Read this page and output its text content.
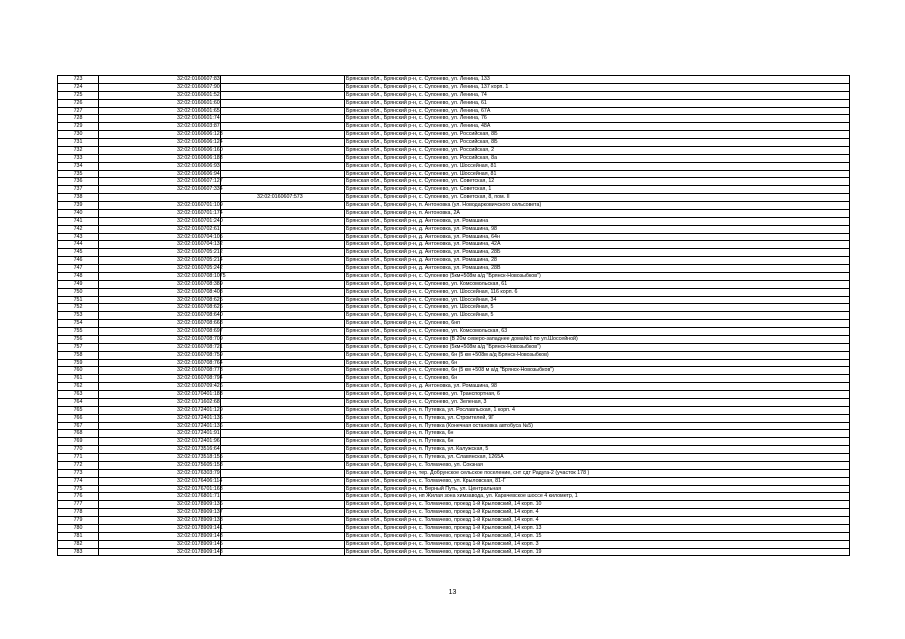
723	32:02:0160607:83		Брянская обл., Брянский р-н, с. Супонево, ул. Ленина, 133
724	32:02:0160607:90		Брянская обл., Брянский р-н, с. Супонево, ул. Ленина, 137 корп. 1
725	32:02:0160601:52		Брянская обл., Брянский р-н, с. Супонево, ул. Ленина, 74
726	32:02:0160601:60		Брянская обл., Брянский р-н, с. Супонево, ул. Ленина, 61
727	32:02:0160601:65		Брянская обл., Брянский р-н, с. Супонево, ул. Ленина, 67А
728	32:02:0160601:74		Брянская обл., Брянский р-н, с. Супонево, ул. Ленина, 76
729	32:02:0160603:87		Брянская обл., Брянский р-н, с. Супонево, ул. Ленина, 48А
730	32:02:0160606:123		Брянская обл., Брянский р-н, с. Супонево, ул. Российская, 8Б
731	32:02:0160606:124		Брянская обл., Брянский р-н, с. Супонево, ул. Российская, 8Б
732	32:02:0160606:160		Брянская обл., Брянский р-н, с. Супонево, ул. Российская, 2
733	32:02:0160606:183		Брянская обл., Брянский р-н, с. Супонево, ул. Российская, 8а
734	32:02:0160606:93		Брянская обл., Брянский р-н, с. Супонево, ул. Шоссейная, 81
735	32:02:0160606:94		Брянская обл., Брянский р-н, с. Супонево, ул. Шоссейная, 81
736	32:02:0160607:127		Брянская обл., Брянский р-н, с. Супонево, ул. Советская, 12
737	32:02:0160607:334		Брянская обл., Брянский р-н, с. Супонево, ул. Советская, 1
738		32:02:0160607:573	Брянская обл., Брянский р-н, с. Супонево, ул. Советская, 8, пом. II
739	32:02:0160701:109		Брянская обл., Брянский р-н, п. Антоновка (ул. Новодарковичского сельсовета)
740	32:02:0160701:174		Брянская обл., Брянский р-н, п. Антоновка, 2А
741	32:02:0160701:240		Брянская обл., Брянский р-н, д. Антоновка, ул. Ромашина
742	32:02:0160702:61		Брянская обл., Брянский р-н, д. Антоновка, ул. Ромашина, 98
743	32:02:0160704:105		Брянская обл., Брянский р-н, д. Антоновка, ул. Ромашина, 64н
744	32:02:0160704:132		Брянская обл., Брянский р-н, д. Антоновка, ул. Ромашина, 42А
745	32:02:0160705:212		Брянская обл., Брянский р-н, д. Антоновка, ул. Ромашина, 28Б
746	32:02:0160705:214		Брянская обл., Брянский р-н, д. Антоновка, ул. Ромашина, 28
747	32:02:0160705:242		Брянская обл., Брянский р-н, д. Антоновка, ул. Ромашина, 28В
748	32:02:0160708:1075		Брянская обл., Брянский р-н, с. Супонево (5км+508м а/д "Брянск-Новозыбков")
749	32:02:0160708:389		Брянская обл., Брянский р-н, с. Супонево, ул. Комсомольская, 61
750	32:02:0160708:408		Брянская обл., Брянский р-н, с. Супонево, ул. Шоссейная, 116 корп. 6
751	32:02:0160708:625		Брянская обл., Брянский р-н, с. Супонево, ул. Шоссейная, 34
752	32:02:0160708:626		Брянская обл., Брянский р-н, с. Супонево, ул. Шоссейная, 5
753	32:02:0160708:640		Брянская обл., Брянский р-н, с. Супонево, ул. Шоссейная, 5
754	32:02:0160708:668		Брянская обл., Брянский р-н, с. Супонево, 6нп
755	32:02:0160708:697		Брянская обл., Брянский р-н, с. Супонево, ул. Комсомольская, 63
756	32:02:0160708:709		Брянская обл., Брянский р-н, с. Супонево (В 20м северо-западнее дома№1 по ул.Шоссейной)
757	32:02:0160708:721		Брянская обл., Брянский р-н, с. Супонево (5км+508м а/д "Брянск-Новозыбков")
758	32:02:0160708:759		Брянская обл., Брянский р-н, с. Супонево, 6н (5 км +508м а/д Брянск-Новозыбков)
759	32:02:0160708:764		Брянская обл., Брянский р-н, с. Супонево, 6н
760	32:02:0160708:773		Брянская обл., Брянский р-н, с. Супонево, 6н (5 км +508 м а/д "Брянск-Новозыбков")
761	32:02:0160708:794		Брянская обл., Брянский р-н, с. Супонево, 6н
762	32:02:0160709:426		Брянская обл., Брянский р-н, д. Антоновка, ул. Ромашина, 98
763	32:02:0170401:183		Брянская обл., Брянский р-н, с. Супонево, ул. Транспортная, 6
764	32:02:0171602:68		Брянская обл., Брянский р-н, с. Супонево, ул. Зеленая, 3
765	32:02:0172401:129		Брянская обл., Брянский р-н, п. Путевка, ул. Рославльская, 1 корп. 4
766	32:02:0172401:135		Брянская обл., Брянский р-н, п. Путевка, ул. Строителей, 9Г
767	32:02:0172401:136		Брянская обл., Брянский р-н, п. Путевка (Конечная остановка автобуса №5)
768	32:02:0172401:91		Брянская обл., Брянский р-н, п. Путевка, 6н
769	32:02:0172401:96		Брянская обл., Брянский р-н, п. Путевка, 6н
770	32:02:0173516:64		Брянская обл., Брянский р-н, п. Путевка, ул. Калужская, 5
771	32:02:0173518:155		Брянская обл., Брянский р-н, п. Путевка, ул. Славянская, 1265А
772	32:02:0175605:158		Брянская обл., Брянский р-н, с. Толмачево, ул. Сокзная
773	32:02:0176303:79		Брянская обл., Брянский р-н, тер. Добрунское сельское поселение, снт сдт Радуга-2 (участок 178 )
774	32:02:0176406:114		Брянская обл., Брянский р-н, с. Толмачево, ул. Крыловская, 81-Г
775	32:02:0176701:163		Брянская обл., Брянский р-н, п. Верный Путь, ул. Центральная
776	32:02:0176801:71		Брянская обл., Брянский р-н, нп Жилая зона химзавода, ул. Карачевское шоссе 4 километр, 1
777	32:02:0178909:136		Брянская обл., Брянский р-н, с. Толмачево, проезд 1-й Крыловский, 14 корп. 10
778	32:02:0178909:137		Брянская обл., Брянский р-н, с. Толмачево, проезд 1-й Крыловский, 14 корп. 4
779	32:02:0178909:138		Брянская обл., Брянский р-н, с. Толмачево, проезд 1-й Крыловский, 14 корп. 4
780	32:02:0178909:141		Брянская обл., Брянский р-н, с. Толмачево, проезд 1-й Крыловский, 14 корп. 13
781	32:02:0178909:143		Брянская обл., Брянский р-н, с. Толмачево, проезд 1-й Крыловский, 14 корп. 15
782	32:02:0178909:145		Брянская обл., Брянский р-н, с. Толмачево, проезд 1-й Крыловский, 14 корп. 3
783	32:02:0178909:148		Брянская обл., Брянский р-н, с. Толмачево, проезд 1-й Крыловский, 14 корп. 19
13
